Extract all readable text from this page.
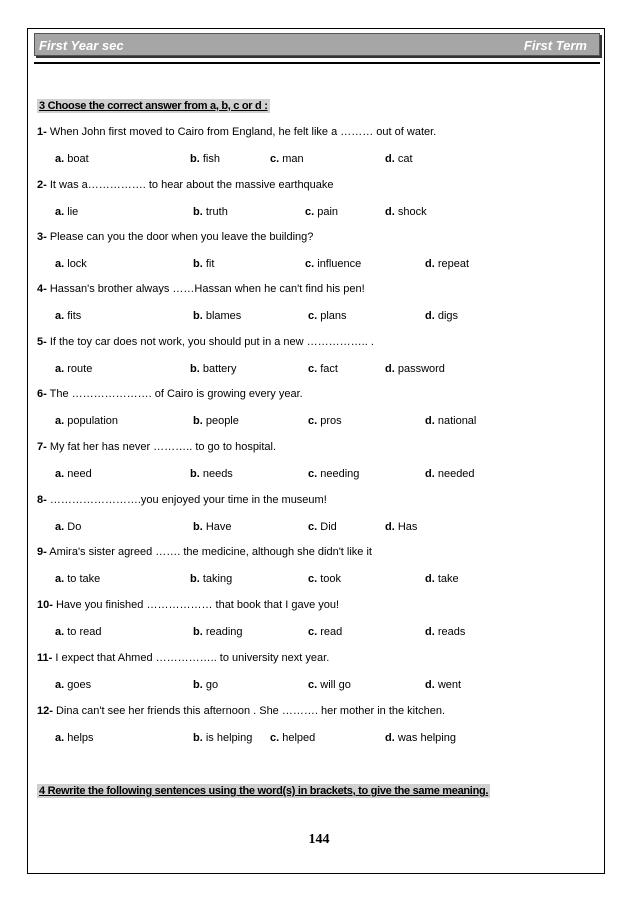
First Year sec	First Term
3 Choose the correct answer from a, b, c or d :
1- When John first moved to Cairo from England, he felt like a ……… out of water.
a. boat	b. fish	c. man	d. cat
2- It was a……………. to hear about the massive earthquake
a. lie	b. truth	c. pain	d. shock
3- Please can you the door when you leave the building?
a. lock	b. fit	c. influence	d. repeat
4- Hassan's brother always ……Hassan when he can't find his pen!
a. fits	b. blames	c. plans	d. digs
5- If the toy car does not work, you should put in a new …………….. .
a. route	b. battery	c. fact	d. password
6- The …………………. of Cairo is growing every year.
a. population	b. people	c. pros	d. national
7- My fat her has never ……….. to go to hospital.
a. need	b. needs	c. needing	d. needed
8- …………………….you enjoyed your time in the museum!
a. Do	b. Have	c. Did	d. Has
9- Amira's sister agreed ……. the medicine, although she didn't like it
a. to take	b. taking	c. took	d. take
10- Have you finished ……………… that book that I gave you!
a. to read	b. reading	c. read	d. reads
11- I expect that Ahmed …………….. to university next year.
a. goes	b. go	c. will go	d. went
12- Dina can't see her friends this afternoon . She ………. her mother in the kitchen.
a. helps	b. is helping c. helped	d. was helping
4 Rewrite the following sentences using the word(s) in brackets, to give the same meaning.
144
